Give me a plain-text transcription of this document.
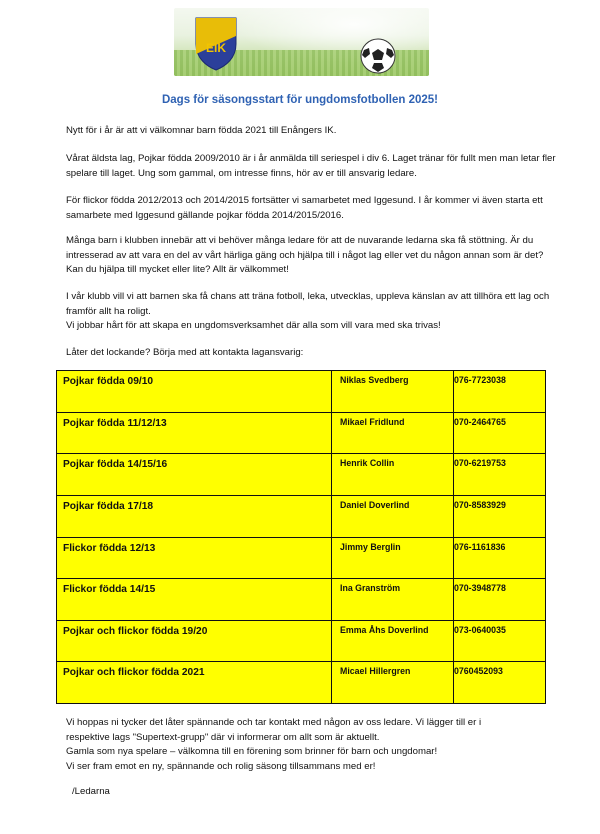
EIK
Dags för säsongsstart för ungdomsfotbollen 2025!

Nytt för i år är att vi välkomnar barn födda 2021 till Enångers IK.

Vårat äldsta lag, Pojkar födda 2009/2010 är i år anmälda till seriespel i div 6. Laget tränar för fullt men man letar fler spelare till laget. Ung som gammal, om intresse finns, hör av er till ansvarig ledare.

För flickor födda 2012/2013 och 2014/2015 fortsätter vi samarbetet med Iggesund. I år kommer vi även starta ett samarbete med Iggesund gällande pojkar födda 2014/2015/2016.

Många barn i klubben innebär att vi behöver många ledare för att de nuvarande ledarna ska få stöttning. Är du intresserad av att vara en del av vårt härliga gäng och hjälpa till i något lag eller vet du någon annan som är det? Kan du hjälpa till mycket eller lite? Allt är välkommet!

I vår klubb vill vi att barnen ska få chans att träna fotboll, leka, utvecklas, uppleva känslan av att tillhöra ett lag och framför allt ha roligt.
Vi jobbar hårt för att skapa en ungdomsverksamhet där alla som vill vara med ska trivas!

Låter det lockande? Börja med att kontakta lagansvarig:

Pojkar födda 09/10	Niklas Svedberg	076-7723038
Pojkar födda 11/12/13	Mikael Fridlund	070-2464765
Pojkar födda 14/15/16	Henrik Collin	070-6219753
Pojkar födda 17/18	Daniel Doverlind	070-8583929
Flickor födda 12/13	Jimmy Berglin	076-1161836
Flickor födda 14/15	Ina Granström	070-3948778
Pojkar och flickor födda 19/20	Emma Åhs Doverlind	073-0640035
Pojkar och flickor födda 2021	Micael Hillergren	0760452093
Vi hoppas ni tycker det låter spännande och tar kontakt med någon av oss ledare. Vi lägger till er i
respektive lags "Supertext-grupp" där vi informerar om allt som är aktuellt.
Gamla som nya spelare – välkomna till en förening som brinner för barn och ungdomar!
Vi ser fram emot en ny, spännande och rolig säsong tillsammans med er!
/Ledarna
